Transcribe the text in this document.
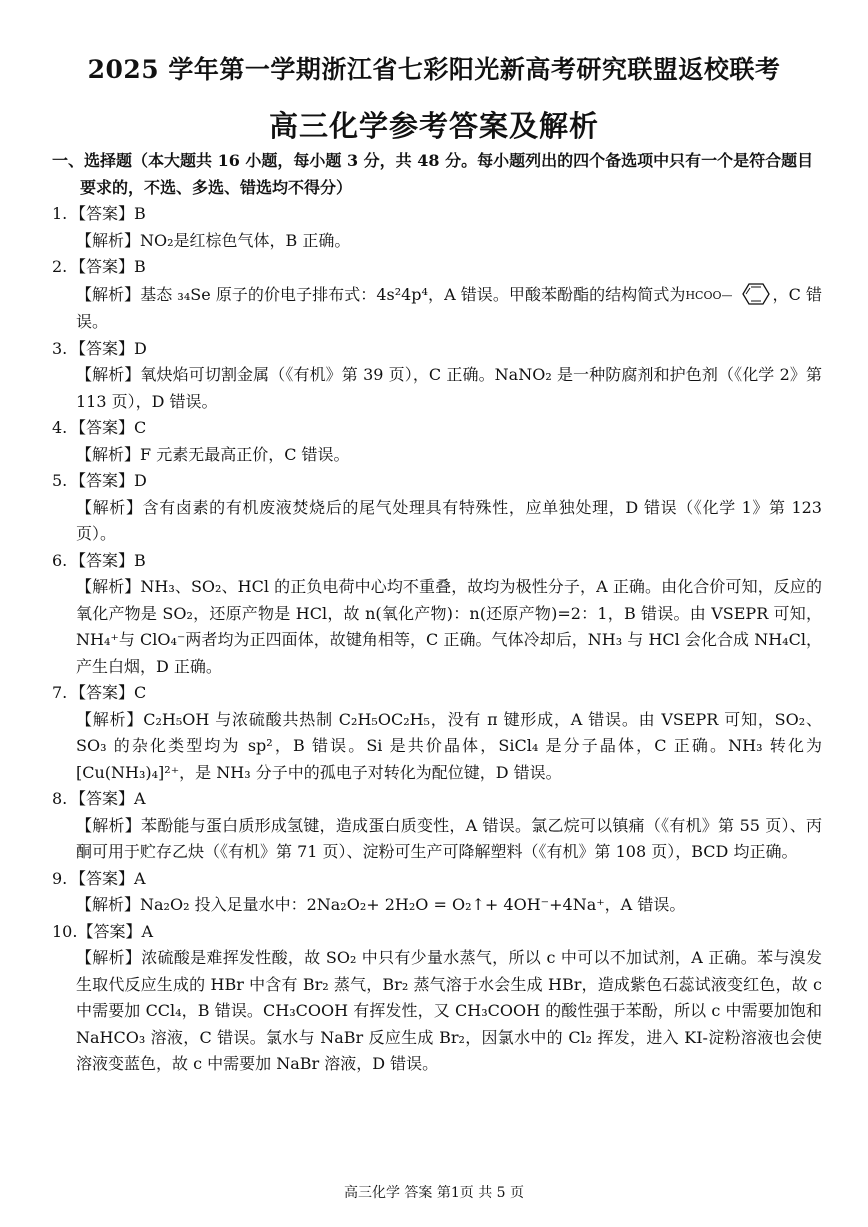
2025 学年第一学期浙江省七彩阳光新高考研究联盟返校联考
高三化学参考答案及解析
一、选择题（本大题共 16 小题，每小题 3 分，共 48 分。每小题列出的四个备选项中只有一个是符合题目要求的，不选、多选、错选均不得分）
1. 【答案】B
【解析】NO₂是红棕色气体，B 正确。
2. 【答案】B
【解析】基态 ₃₄Se 原子的价电子排布式：4s²4p⁴，A 错误。甲酸苯酚酯的结构简式为HCOO—	，C 错误。
3. 【答案】D
【解析】氧炔焰可切割金属（《有机》第 39 页），C 正确。NaNO₂ 是一种防腐剂和护色剂（《化学 2》第 113 页），D 错误。
4. 【答案】C
【解析】F 元素无最高正价，C 错误。
5. 【答案】D
【解析】含有卤素的有机废液焚烧后的尾气处理具有特殊性，应单独处理，D 错误（《化学 1》第 123 页）。
6. 【答案】B
【解析】NH₃、SO₂、HCl 的正负电荷中心均不重叠，故均为极性分子，A 正确。由化合价可知，反应的氧化产物是 SO₂，还原产物是 HCl，故 n(氧化产物)：n(还原产物)=2：1，B 错误。由 VSEPR 可知，NH₄⁺与 ClO₄⁻两者均为正四面体，故键角相等，C 正确。气体冷却后，NH₃ 与 HCl 会化合成 NH₄Cl，产生白烟，D 正确。
7. 【答案】C
【解析】C₂H₅OH 与浓硫酸共热制 C₂H₅OC₂H₅，没有 π 键形成，A 错误。由 VSEPR 可知，SO₂、SO₃ 的杂化类型均为 sp²，B 错误。Si 是共价晶体，SiCl₄ 是分子晶体，C 正确。NH₃ 转化为[Cu(NH₃)₄]²⁺，是 NH₃ 分子中的孤电子对转化为配位键，D 错误。
8. 【答案】A
【解析】苯酚能与蛋白质形成氢键，造成蛋白质变性，A 错误。氯乙烷可以镇痛（《有机》第 55 页）、丙酮可用于贮存乙炔（《有机》第 71 页）、淀粉可生产可降解塑料（《有机》第 108 页），BCD 均正确。
9. 【答案】A
【解析】Na₂O₂ 投入足量水中：2Na₂O₂+ 2H₂O = O₂↑+ 4OH⁻+4Na⁺，A 错误。
10.【答案】A
【解析】浓硫酸是难挥发性酸，故 SO₂ 中只有少量水蒸气，所以 c 中可以不加试剂，A 正确。苯与溴发生取代反应生成的 HBr 中含有 Br₂ 蒸气，Br₂ 蒸气溶于水会生成 HBr，造成紫色石蕊试液变红色，故 c 中需要加 CCl₄，B 错误。CH₃COOH 有挥发性，又 CH₃COOH 的酸性强于苯酚，所以 c 中需要加饱和 NaHCO₃ 溶液，C 错误。氯水与 NaBr 反应生成 Br₂，因氯水中的 Cl₂ 挥发，进入 KI-淀粉溶液也会使溶液变蓝色，故 c 中需要加 NaBr 溶液，D 错误。
高三化学 答案 第1页 共 5 页
